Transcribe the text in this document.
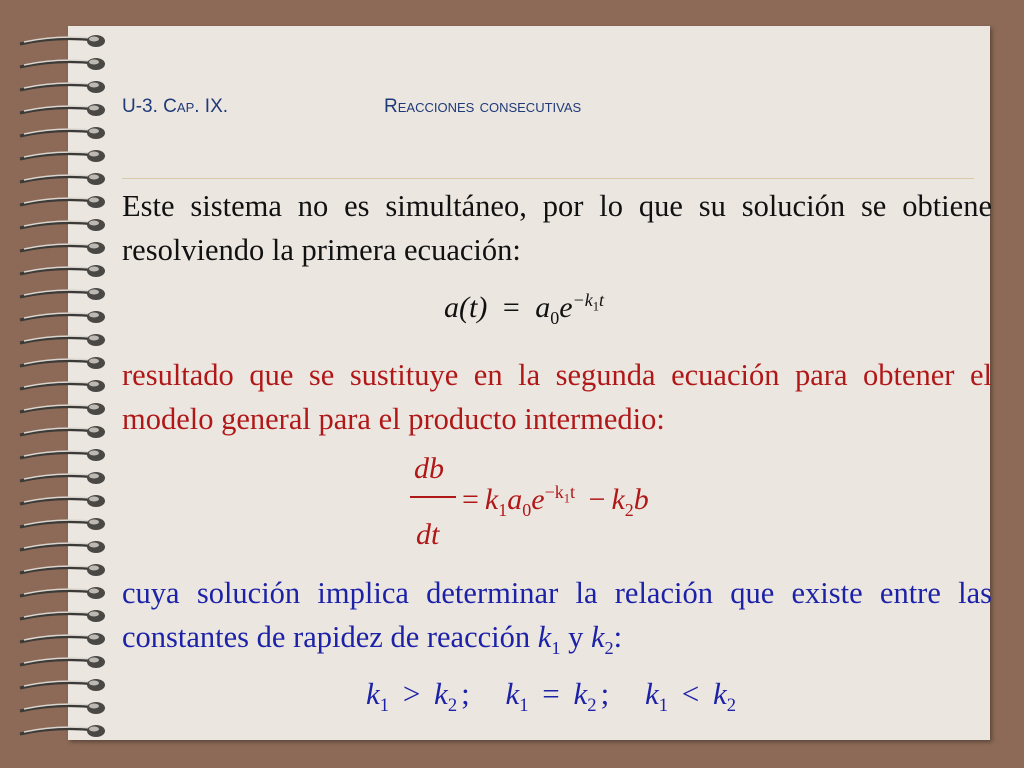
U-3. Cap. IX.	Reacciones consecutivas
Este sistema no es simultáneo, por lo que su solución se obtiene resolviendo la primera ecuación:
$a(t) = a_0e^{-k_1t}$
resultado que se sustituye en la segunda ecuación para obtener el modelo general para el producto intermedio:
db
dt
= $k_1a_0e^{-k_1t} - k_2b$
cuya solución implica determinar la relación que existe entre las constantes de rapidez de reacción $k_1$ y $k_2$:
$k_1 > k_2$ ; $k_1 = k_2$ ; $k_1 < k_2$
